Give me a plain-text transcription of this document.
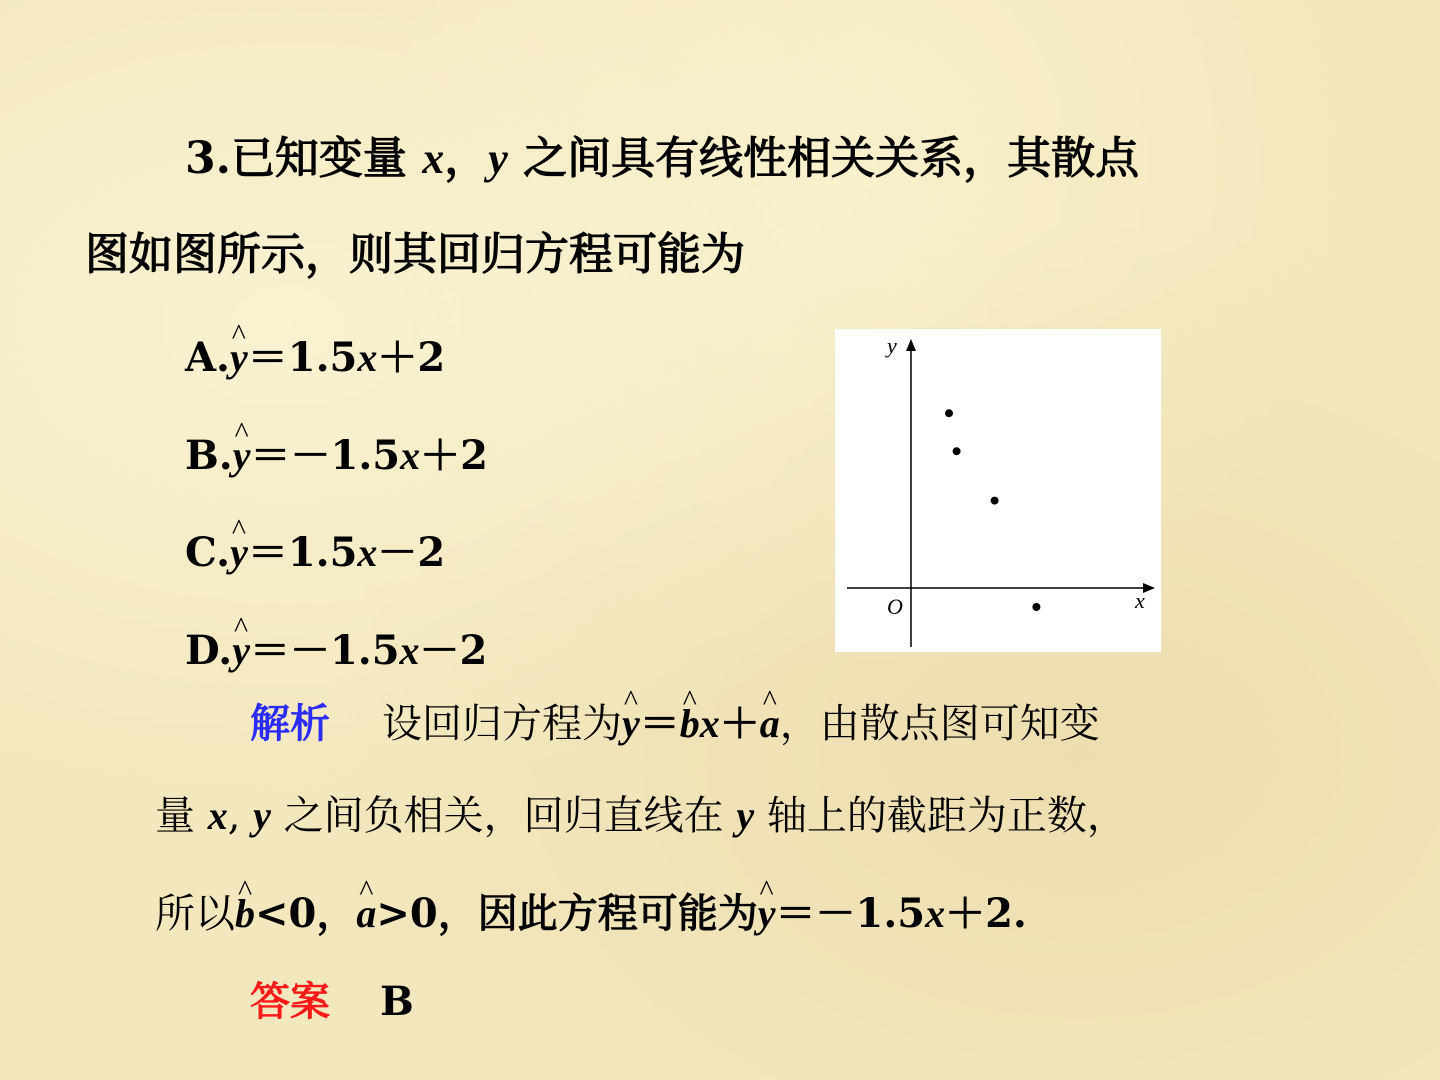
3.已知变量 x，y 之间具有线性相关关系，其散点
图如图所示，则其回归方程可能为
A.^ y＝1.5x＋2
B.^ y＝－1.5x＋2
C.^ y＝1.5x－2
D.^ y＝－1.5x－2
y
x
O
解析 设回归方程为^ y＝^ bx＋^ a，由散点图可知变
量 x, y 之间负相关，回归直线在 y 轴上的截距为正数，
所以^ b<0，^ a>0，因此方程可能为^ y＝－1.5x＋2.
答案 B
